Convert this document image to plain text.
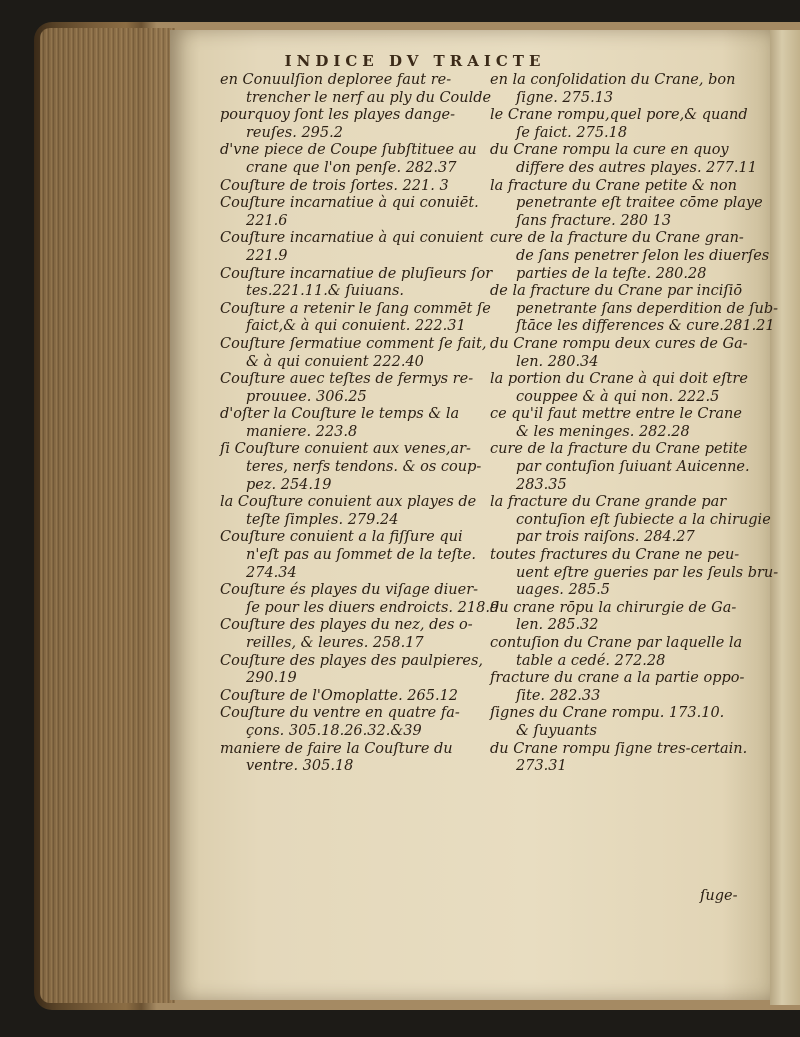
INDICE DV TRAICTE
en Conuulſion deploree faut re-
trencher le nerf au ply du Coulde
pourquoy ſont les playes dange-
reuſes. 295.2
d'vne piece de Coupe ſubſtituee au
crane que l'on penſe. 282.37
Couſture de trois ſortes. 221. 3
Couſture incarnatiue à qui conuiēt.
221.6
Couſture incarnatiue à qui conuient
221.9
Couſture incarnatiue de pluſieurs ſor
tes.221.11.& ſuiuans.
Couſture a retenir le ſang commēt ſe
faict,& à qui conuient. 222.31
Couſture ſermatiue comment ſe fait,
& à qui conuient 222.40
Couſture auec teſtes de fermys re-
prouuee. 306.25
d'oſter la Couſture le temps & la
maniere. 223.8
ſi Couſture conuient aux venes,ar-
teres, nerfs tendons. & os coup-
pez. 254.19
la Couſture conuient aux playes de
teſte ſimples. 279.24
Couſture conuient a la fiſſure qui
n'eſt pas au ſommet de la teſte.
274.34
Couſture és playes du viſage diuer-
ſe pour les diuers endroicts. 218.9
Couſture des playes du nez, des o-
reilles, & leures. 258.17
Couſture des playes des paulpieres,
290.19
Couſture de l'Omoplatte. 265.12
Couſture du ventre en quatre fa-
çons. 305.18.26.32.&39
maniere de faire la Couſture du
ventre. 305.18
en la conſolidation du Crane, bon
ſigne. 275.13
le Crane rompu,quel pore,& quand
ſe faict. 275.18
du Crane rompu la cure en quoy
differe des autres playes. 277.11
la fracture du Crane petite & non
penetrante eſt traitee cōme playe
ſans fracture. 280 13
cure de la fracture du Crane gran-
de ſans penetrer ſelon les diuerſes
parties de la teſte. 280.28
de la fracture du Crane par inciſiō
penetrante ſans deperdition de ſub-
ſtāce les differences & cure.281.21
du Crane rompu deux cures de Ga-
len. 280.34
la portion du Crane à qui doit eſtre
couppee & à qui non. 222.5
ce qu'il faut mettre entre le Crane
& les meninges. 282.28
cure de la fracture du Crane petite
par contuſion ſuiuant Auicenne.
283.35
la fracture du Crane grande par
contuſion eſt ſubiecte a la chirugie
par trois raiſons. 284.27
toutes fractures du Crane ne peu-
uent eſtre gueries par les ſeuls bru-
uages. 285.5
du crane rōpu la chirurgie de Ga-
len. 285.32
contuſion du Crane par laquelle la
table a cedé. 272.28
fracture du crane a la partie oppo-
ſite. 282.33
ſignes du Crane rompu. 173.10.
& ſuyuants
du Crane rompu ſigne tres-certain.
273.31
ſuge-
